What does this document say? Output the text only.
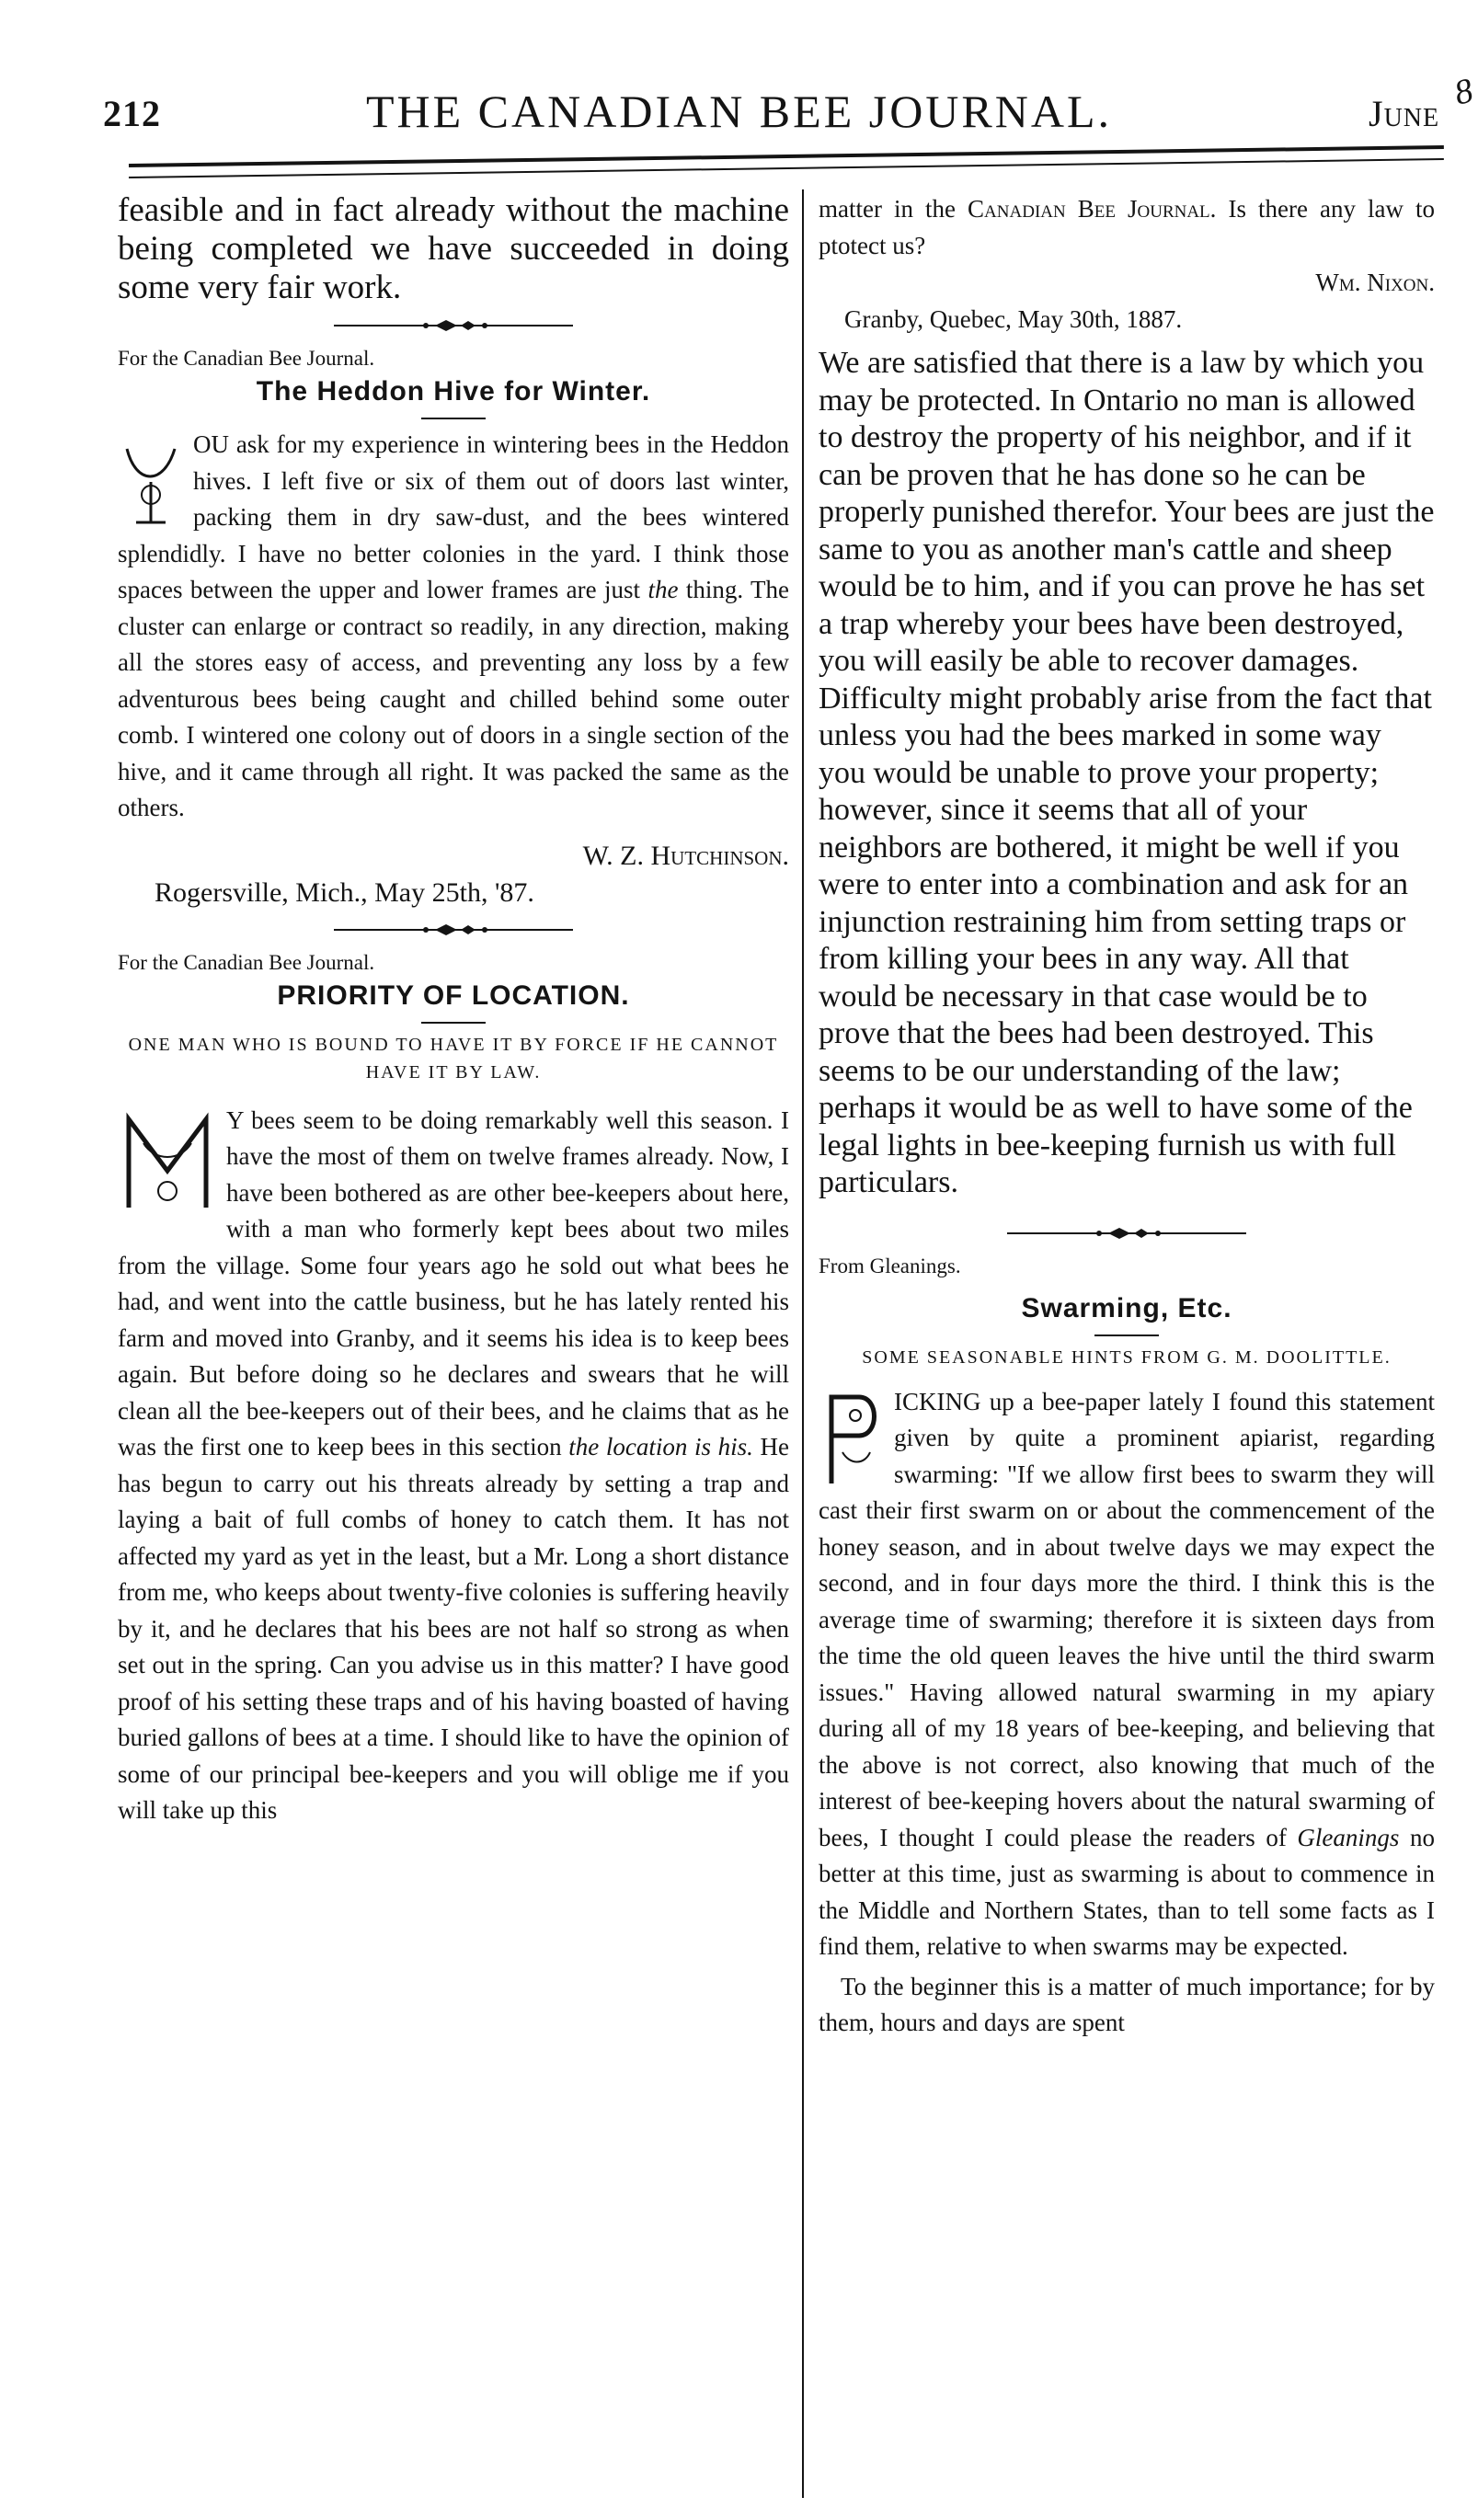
212	THE CANADIAN BEE JOURNAL.	June
8

feasible and in fact already without the machine being completed we have succeeded in doing some very fair work.

For the Canadian Bee Journal.

The Heddon Hive for Winter.

OU ask for my experience in wintering bees in the Heddon hives. I left five or six of them out of doors last winter, packing them in dry saw-dust, and the bees wintered splendidly. I have no better colonies in the yard. I think those spaces between the upper and lower frames are just the thing. The cluster can enlarge or contract so readily, in any direction, making all the stores easy of access, and preventing any loss by a few adventurous bees being caught and chilled behind some outer comb. I wintered one colony out of doors in a single section of the hive, and it came through all right. It was packed the same as the others.

W. Z. Hutchinson.

Rogersville, Mich., May 25th, '87.

For the Canadian Bee Journal.

PRIORITY OF LOCATION.

ONE MAN WHO IS BOUND TO HAVE IT BY FORCE IF HE CANNOT HAVE IT BY LAW.

Y bees seem to be doing remarkably well this season. I have the most of them on twelve frames already. Now, I have been bothered as are other bee-keepers about here, with a man who formerly kept bees about two miles from the village. Some four years ago he sold out what bees he had, and went into the cattle business, but he has lately rented his farm and moved into Granby, and it seems his idea is to keep bees again. But before doing so he declares and swears that he will clean all the bee-keepers out of their bees, and he claims that as he was the first one to keep bees in this section the location is his. He has begun to carry out his threats already by setting a trap and laying a bait of full combs of honey to catch them. It has not affected my yard as yet in the least, but a Mr. Long a short distance from me, who keeps about twenty-five colonies is suffering heavily by it, and he declares that his bees are not half so strong as when set out in the spring. Can you advise us in this matter? I have good proof of his setting these traps and of his having boasted of having buried gallons of bees at a time. I should like to have the opinion of some of our principal bee-keepers and you will oblige me if you will take up this

matter in the Canadian Bee Journal. Is there any law to ptotect us?

Wm. Nixon.

Granby, Quebec, May 30th, 1887.

We are satisfied that there is a law by which you may be protected. In Ontario no man is allowed to destroy the property of his neighbor, and if it can be proven that he has done so he can be properly punished therefor. Your bees are just the same to you as another man's cattle and sheep would be to him, and if you can prove he has set a trap whereby your bees have been destroyed, you will easily be able to recover damages. Difficulty might probably arise from the fact that unless you had the bees marked in some way you would be unable to prove your property; however, since it seems that all of your neighbors are bothered, it might be well if you were to enter into a combination and ask for an injunction restraining him from setting traps or from killing your bees in any way. All that would be necessary in that case would be to prove that the bees had been destroyed. This seems to be our understanding of the law; perhaps it would be as well to have some of the legal lights in bee-keeping furnish us with full particulars.

From Gleanings.

Swarming, Etc.

SOME SEASONABLE HINTS FROM G. M. DOOLITTLE.

ICKING up a bee-paper lately I found this statement given by quite a prominent apiarist, regarding swarming: "If we allow first bees to swarm they will cast their first swarm on or about the commencement of the honey season, and in about twelve days we may expect the second, and in four days more the third. I think this is the average time of swarming; therefore it is sixteen days from the time the old queen leaves the hive until the third swarm issues." Having allowed natural swarming in my apiary during all of my 18 years of bee-keeping, and believing that the above is not correct, also knowing that much of the interest of bee-keeping hovers about the natural swarming of bees, I thought I could please the readers of Gleanings no better at this time, just as swarming is about to commence in the Middle and Northern States, than to tell some facts as I find them, relative to when swarms may be expected.

To the beginner this is a matter of much importance; for by them, hours and days are spent
